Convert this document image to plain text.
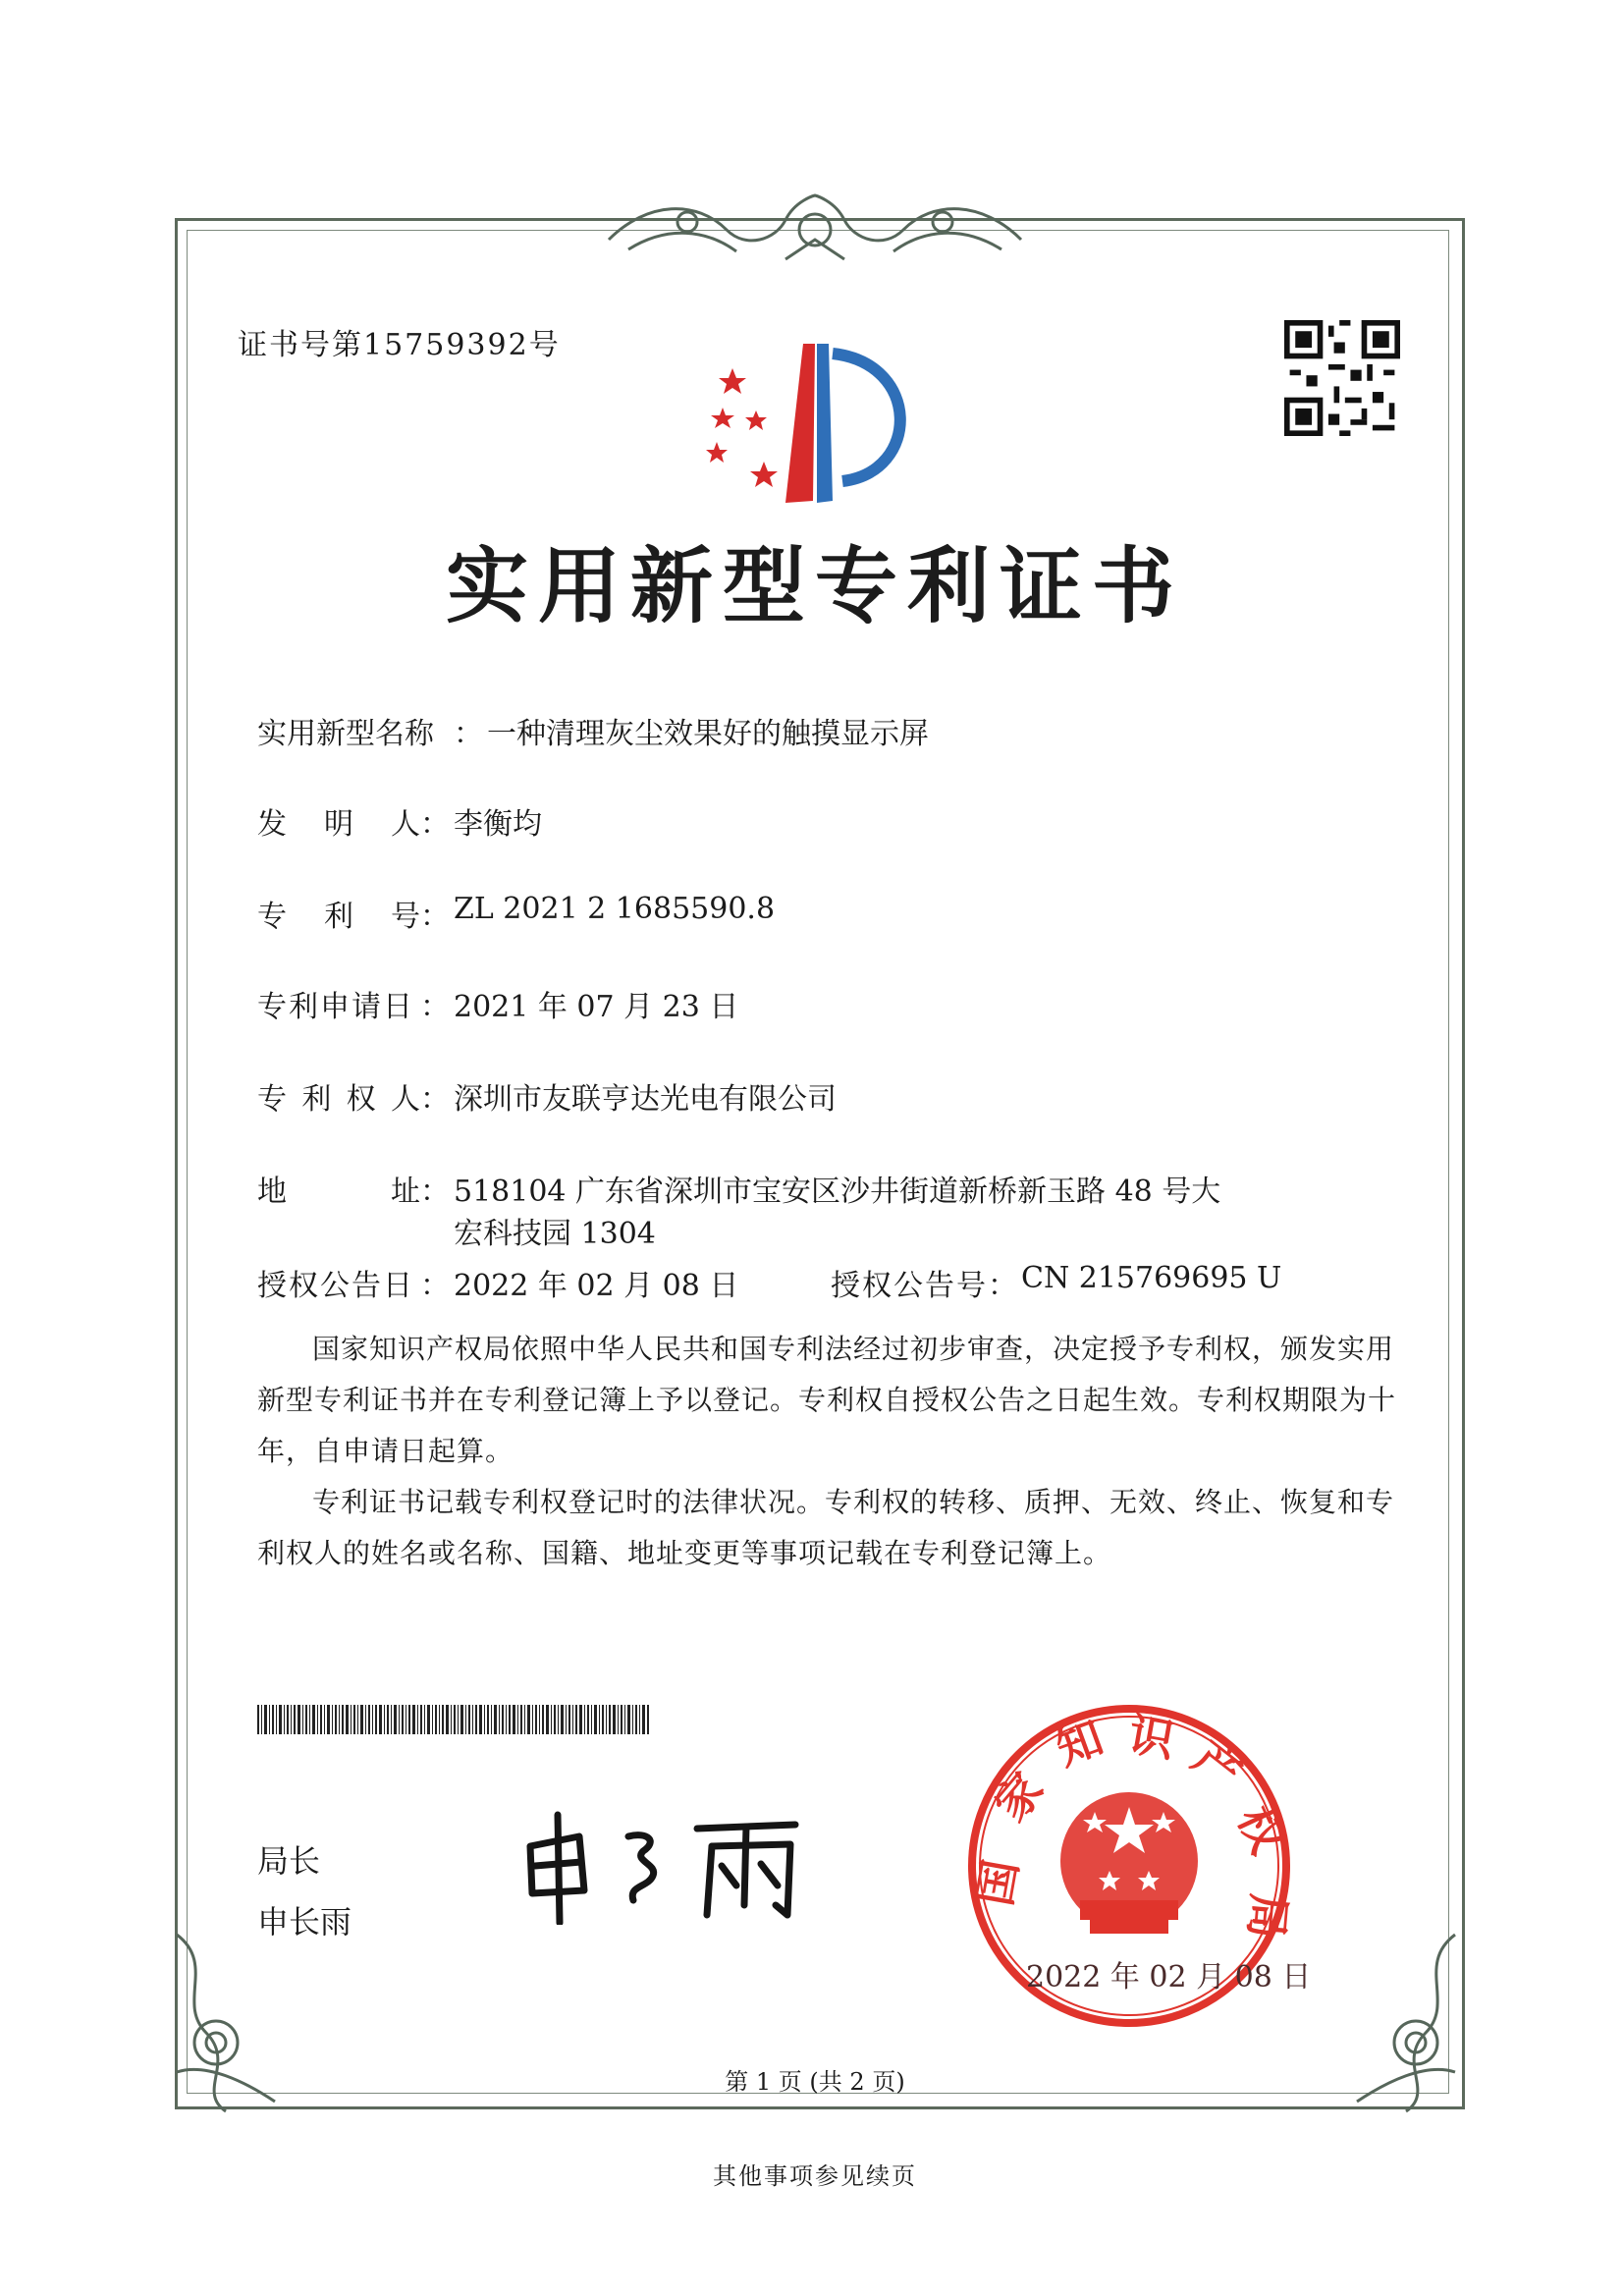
证书号第15759392号
实用新型专利证书
实用新型名称 ： 一种清理灰尘效果好的触摸显示屏
发 明 人 ： 李衡均
专 利 号 ： ZL 2021 2 1685590.8
专利申请日 ： 2021 年 07 月 23 日
专 利 权 人 ： 深圳市友联亨达光电有限公司
地	址 ： 518104 广东省深圳市宝安区沙井街道新桥新玉路 48 号大
宏科技园 1304
授权公告日 ： 2022 年 02 月 08 日	授权公告号 ： CN 215769695 U

国家知识产权局依照中华人民共和国专利法经过初步审查，决定授予专利权，颁发实用新型专利证书并在专利登记簿上予以登记。专利权自授权公告之日起生效。专利权期限为十年，自申请日起算。

专利证书记载专利权登记时的法律状况。专利权的转移、质押、无效、终止、恢复和专利权人的姓名或名称、国籍、地址变更等事项记载在专利登记簿上。

局长
申长雨
国
家
知 识 产
权
局
2022 年 02 月 08 日
第 1 页 (共 2 页)
其他事项参见续页
